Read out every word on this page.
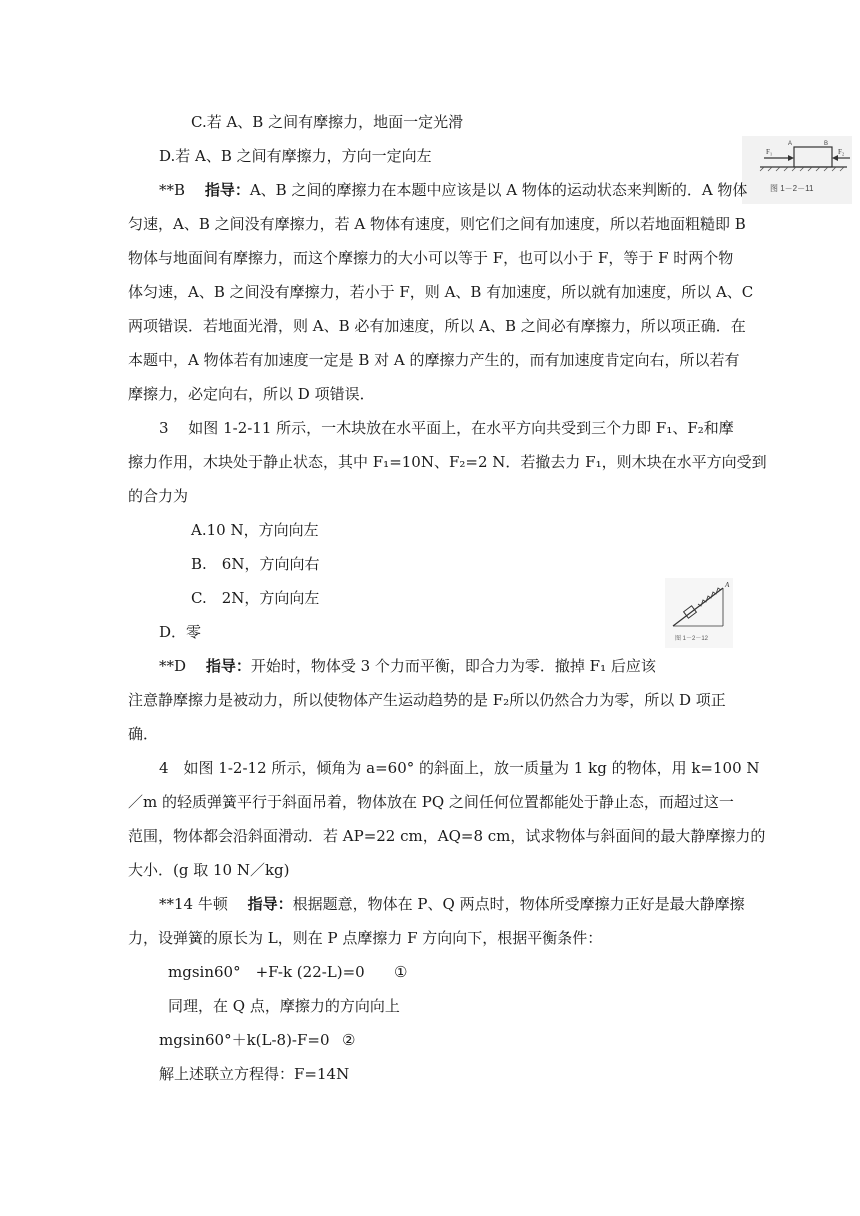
A	B
F₁	F₂
图 1－2－11
A
图 1－2－12
C.若 A、B 之间有摩擦力，地面一定光滑
D.若 A、B 之间有摩擦力，方向一定向左
**B　 指导：A、B 之间的摩擦力在本题中应该是以 A 物体的运动状态来判断的．A 物体
匀速，A、B 之间没有摩擦力，若 A 物体有速度，则它们之间有加速度，所以若地面粗糙即 B
物体与地面间有摩擦力，而这个摩擦力的大小可以等于 F，也可以小于 F，等于 F 时两个物
体匀速，A、B 之间没有摩擦力，若小于 F，则 A、B 有加速度，所以就有加速度，所以 A、C
两项错误．若地面光滑，则 A、B 必有加速度，所以 A、B 之间必有摩擦力，所以项正确．在
本题中，A 物体若有加速度一定是 B 对 A 的摩擦力产生的，而有加速度肯定向右，所以若有
摩擦力，必定向右，所以 D 项错误．
3　 如图 1-2-11 所示，一木块放在水平面上，在水平方向共受到三个力即 F₁、F₂和摩
擦力作用，木块处于静止状态，其中 F₁=10N、F₂=2 N．若撤去力 F₁，则木块在水平方向受到
的合力为
A.10 N，方向向左
B.　6N，方向向右
C.　2N，方向向左
D．零
**D　 指导：开始时，物体受 3 个力而平衡，即合力为零．撤掉 F₁ 后应该
注意静摩擦力是被动力，所以使物体产生运动趋势的是 F₂所以仍然合力为零，所以 D 项正
确．
4　如图 1-2-12 所示，倾角为 a=60° 的斜面上，放一质量为 1 kg 的物体，用 k=100 N
／m 的轻质弹簧平行于斜面吊着，物体放在 PQ 之间任何位置都能处于静止态，而超过这一
范围，物体都会沿斜面滑动．若 AP=22 cm，AQ=8 cm，试求物体与斜面间的最大静摩擦力的
大小．(g 取 10 N／kg)
**14 牛顿　 指导：根据题意，物体在 P、Q 两点时，物体所受摩擦力正好是最大静摩擦
力，设弹簧的原长为 L，则在 P 点摩擦力 F 方向向下，根据平衡条件：
mgsin60°　+F-k (22-L)=0 ①
同理，在 Q 点，摩擦力的方向向上
mgsin60°＋k(L-8)-F=0 ②
解上述联立方程得：F=14N
